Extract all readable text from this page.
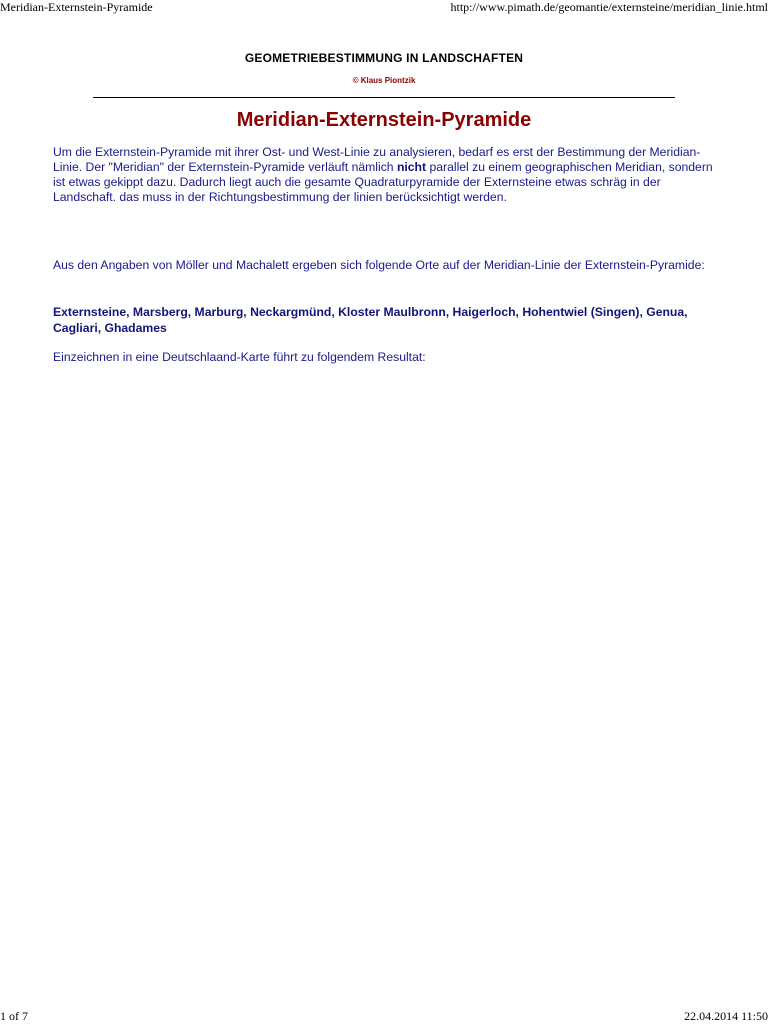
Meridian-Externstein-Pyramide	http://www.pimath.de/geomantie/externsteine/meridian_linie.html
GEOMETRIEBESTIMMUNG IN LANDSCHAFTEN
© Klaus Piontzik
Meridian-Externstein-Pyramide
Um die Externstein-Pyramide mit ihrer Ost- und West-Linie zu analysieren, bedarf es erst der Bestimmung der Meridian-Linie. Der "Meridian" der Externstein-Pyramide verläuft nämlich nicht parallel zu einem geographischen Meridian, sondern ist etwas gekippt dazu. Dadurch liegt auch die gesamte Quadraturpyramide der Externsteine etwas schräg in der Landschaft. das muss in der Richtungsbestimmung der linien berücksichtigt werden.
Aus den Angaben von Möller und Machalett ergeben sich folgende Orte auf der Meridian-Linie der Externstein-Pyramide:
Externsteine, Marsberg, Marburg, Neckargmünd, Kloster Maulbronn, Haigerloch, Hohentwiel (Singen), Genua, Cagliari, Ghadames
Einzeichnen in eine Deutschlaand-Karte führt zu folgendem Resultat:
1 of 7	22.04.2014 11:50
